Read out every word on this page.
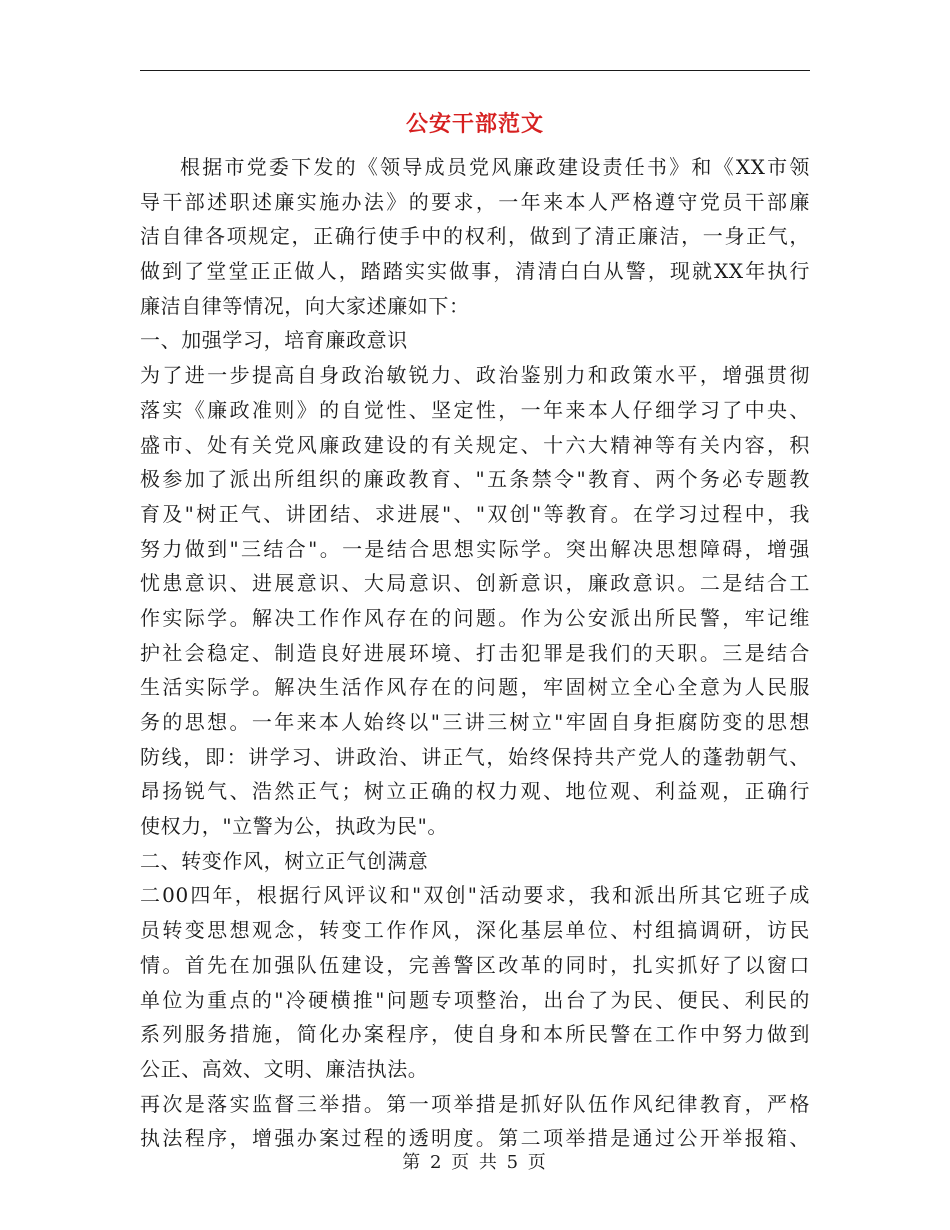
公安干部范文
根据市党委下发的《领导成员党风廉政建设责任书》和《XX市领
导干部述职述廉实施办法》的要求，一年来本人严格遵守党员干部廉
洁自律各项规定，正确行使手中的权利，做到了清正廉洁，一身正气，
做到了堂堂正正做人，踏踏实实做事，清清白白从警，现就XX年执行
廉洁自律等情况，向大家述廉如下：
一、加强学习，培育廉政意识
为了进一步提高自身政治敏锐力、政治鉴别力和政策水平，增强贯彻
落实《廉政准则》的自觉性、坚定性，一年来本人仔细学习了中央、
盛市、处有关党风廉政建设的有关规定、十六大精神等有关内容，积
极参加了派出所组织的廉政教育、"五条禁令"教育、两个务必专题教
育及"树正气、讲团结、求进展"、"双创"等教育。在学习过程中，我
努力做到"三结合"。一是结合思想实际学。突出解决思想障碍，增强
忧患意识、进展意识、大局意识、创新意识，廉政意识。二是结合工
作实际学。解决工作作风存在的问题。作为公安派出所民警，牢记维
护社会稳定、制造良好进展环境、打击犯罪是我们的天职。三是结合
生活实际学。解决生活作风存在的问题，牢固树立全心全意为人民服
务的思想。一年来本人始终以"三讲三树立"牢固自身拒腐防变的思想
防线，即：讲学习、讲政治、讲正气，始终保持共产党人的蓬勃朝气、
昂扬锐气、浩然正气；树立正确的权力观、地位观、利益观，正确行
使权力，"立警为公，执政为民"。
二、转变作风，树立正气创满意
二00四年，根据行风评议和"双创"活动要求，我和派出所其它班子成
员转变思想观念，转变工作作风，深化基层单位、村组搞调研，访民
情。首先在加强队伍建设，完善警区改革的同时，扎实抓好了以窗口
单位为重点的"冷硬横推"问题专项整治，出台了为民、便民、利民的
系列服务措施，简化办案程序，使自身和本所民警在工作中努力做到
公正、高效、文明、廉洁执法。
再次是落实监督三举措。第一项举措是抓好队伍作风纪律教育，严格
执法程序，增强办案过程的透明度。第二项举措是通过公开举报箱、
第 2 页 共 5 页
